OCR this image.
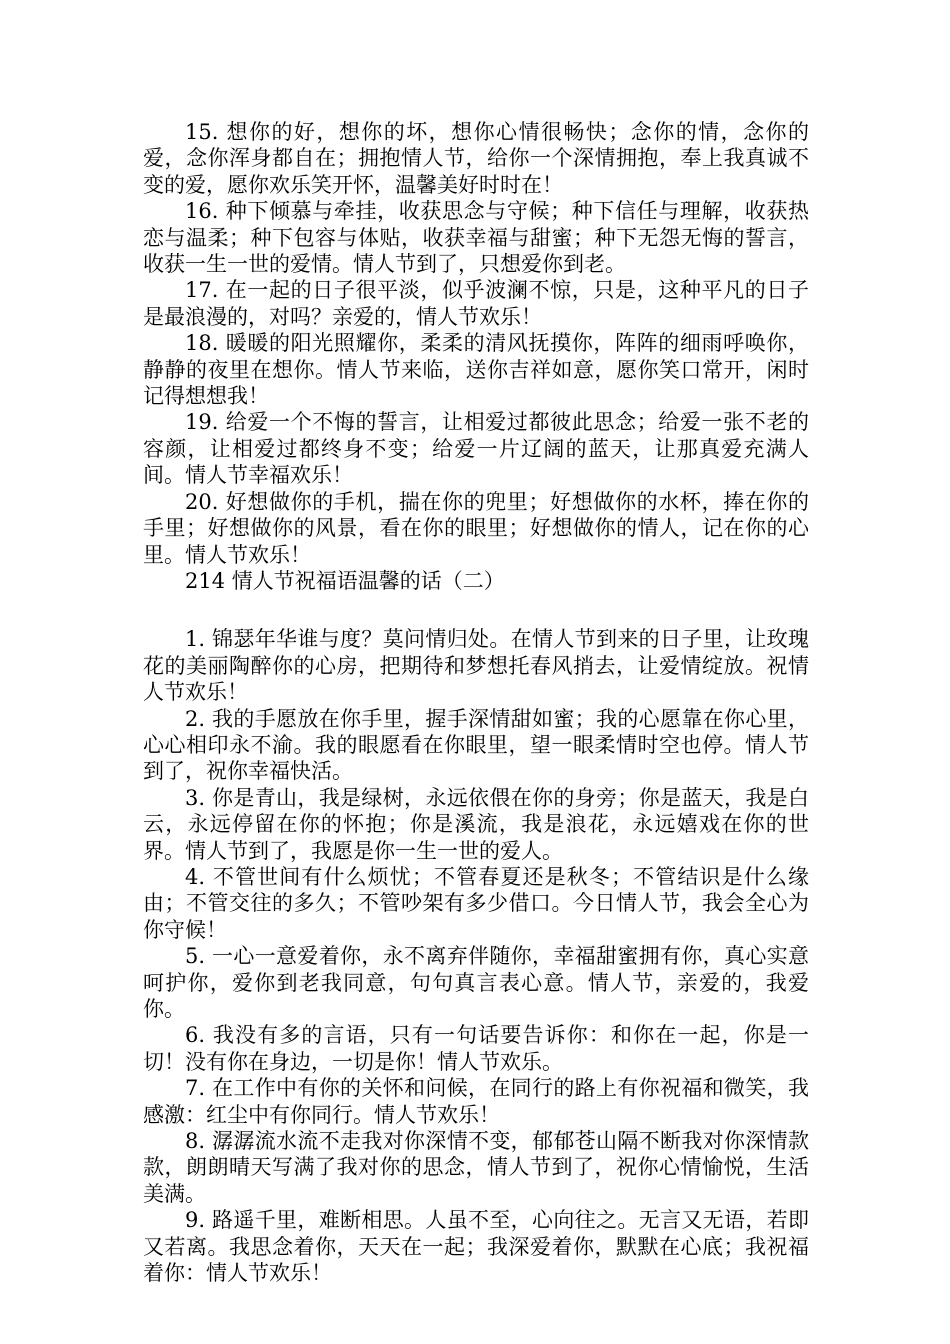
15. 想你的好，想你的坏，想你心情很畅快；念你的情，念你的爱，念你浑身都自在；拥抱情人节，给你一个深情拥抱，奉上我真诚不变的爱，愿你欢乐笑开怀，温馨美好时时在！

16. 种下倾慕与牵挂，收获思念与守候；种下信任与理解，收获热恋与温柔；种下包容与体贴，收获幸福与甜蜜；种下无怨无悔的誓言，收获一生一世的爱情。情人节到了，只想爱你到老。

17. 在一起的日子很平淡，似乎波澜不惊，只是，这种平凡的日子是最浪漫的，对吗？亲爱的，情人节欢乐！

18. 暖暖的阳光照耀你，柔柔的清风抚摸你，阵阵的细雨呼唤你，静静的夜里在想你。情人节来临，送你吉祥如意，愿你笑口常开，闲时记得想想我！

19. 给爱一个不悔的誓言，让相爱过都彼此思念；给爱一张不老的容颜，让相爱过都终身不变；给爱一片辽阔的蓝天，让那真爱充满人间。情人节幸福欢乐！

20. 好想做你的手机，揣在你的兜里；好想做你的水杯，捧在你的手里；好想做你的风景，看在你的眼里；好想做你的情人，记在你的心里。情人节欢乐！

214 情人节祝福语温馨的话（二）

1. 锦瑟年华谁与度？莫问情归处。在情人节到来的日子里，让玫瑰花的美丽陶醉你的心房，把期待和梦想托春风捎去，让爱情绽放。祝情人节欢乐！

2. 我的手愿放在你手里，握手深情甜如蜜；我的心愿靠在你心里，心心相印永不渝。我的眼愿看在你眼里，望一眼柔情时空也停。情人节到了，祝你幸福快活。

3. 你是青山，我是绿树，永远依偎在你的身旁；你是蓝天，我是白云，永远停留在你的怀抱；你是溪流，我是浪花，永远嬉戏在你的世界。情人节到了，我愿是你一生一世的爱人。

4. 不管世间有什么烦忧；不管春夏还是秋冬；不管结识是什么缘由；不管交往的多久；不管吵架有多少借口。今日情人节，我会全心为你守候！

5. 一心一意爱着你，永不离弃伴随你，幸福甜蜜拥有你，真心实意呵护你，爱你到老我同意，句句真言表心意。情人节，亲爱的，我爱你。

6. 我没有多的言语，只有一句话要告诉你：和你在一起，你是一切！没有你在身边，一切是你！情人节欢乐。

7. 在工作中有你的关怀和问候，在同行的路上有你祝福和微笑，我感激：红尘中有你同行。情人节欢乐！

8. 潺潺流水流不走我对你深情不变，郁郁苍山隔不断我对你深情款款，朗朗晴天写满了我对你的思念，情人节到了，祝你心情愉悦，生活美满。

9. 路遥千里，难断相思。人虽不至，心向往之。无言又无语，若即又若离。我思念着你，天天在一起；我深爱着你，默默在心底；我祝福着你：情人节欢乐！
